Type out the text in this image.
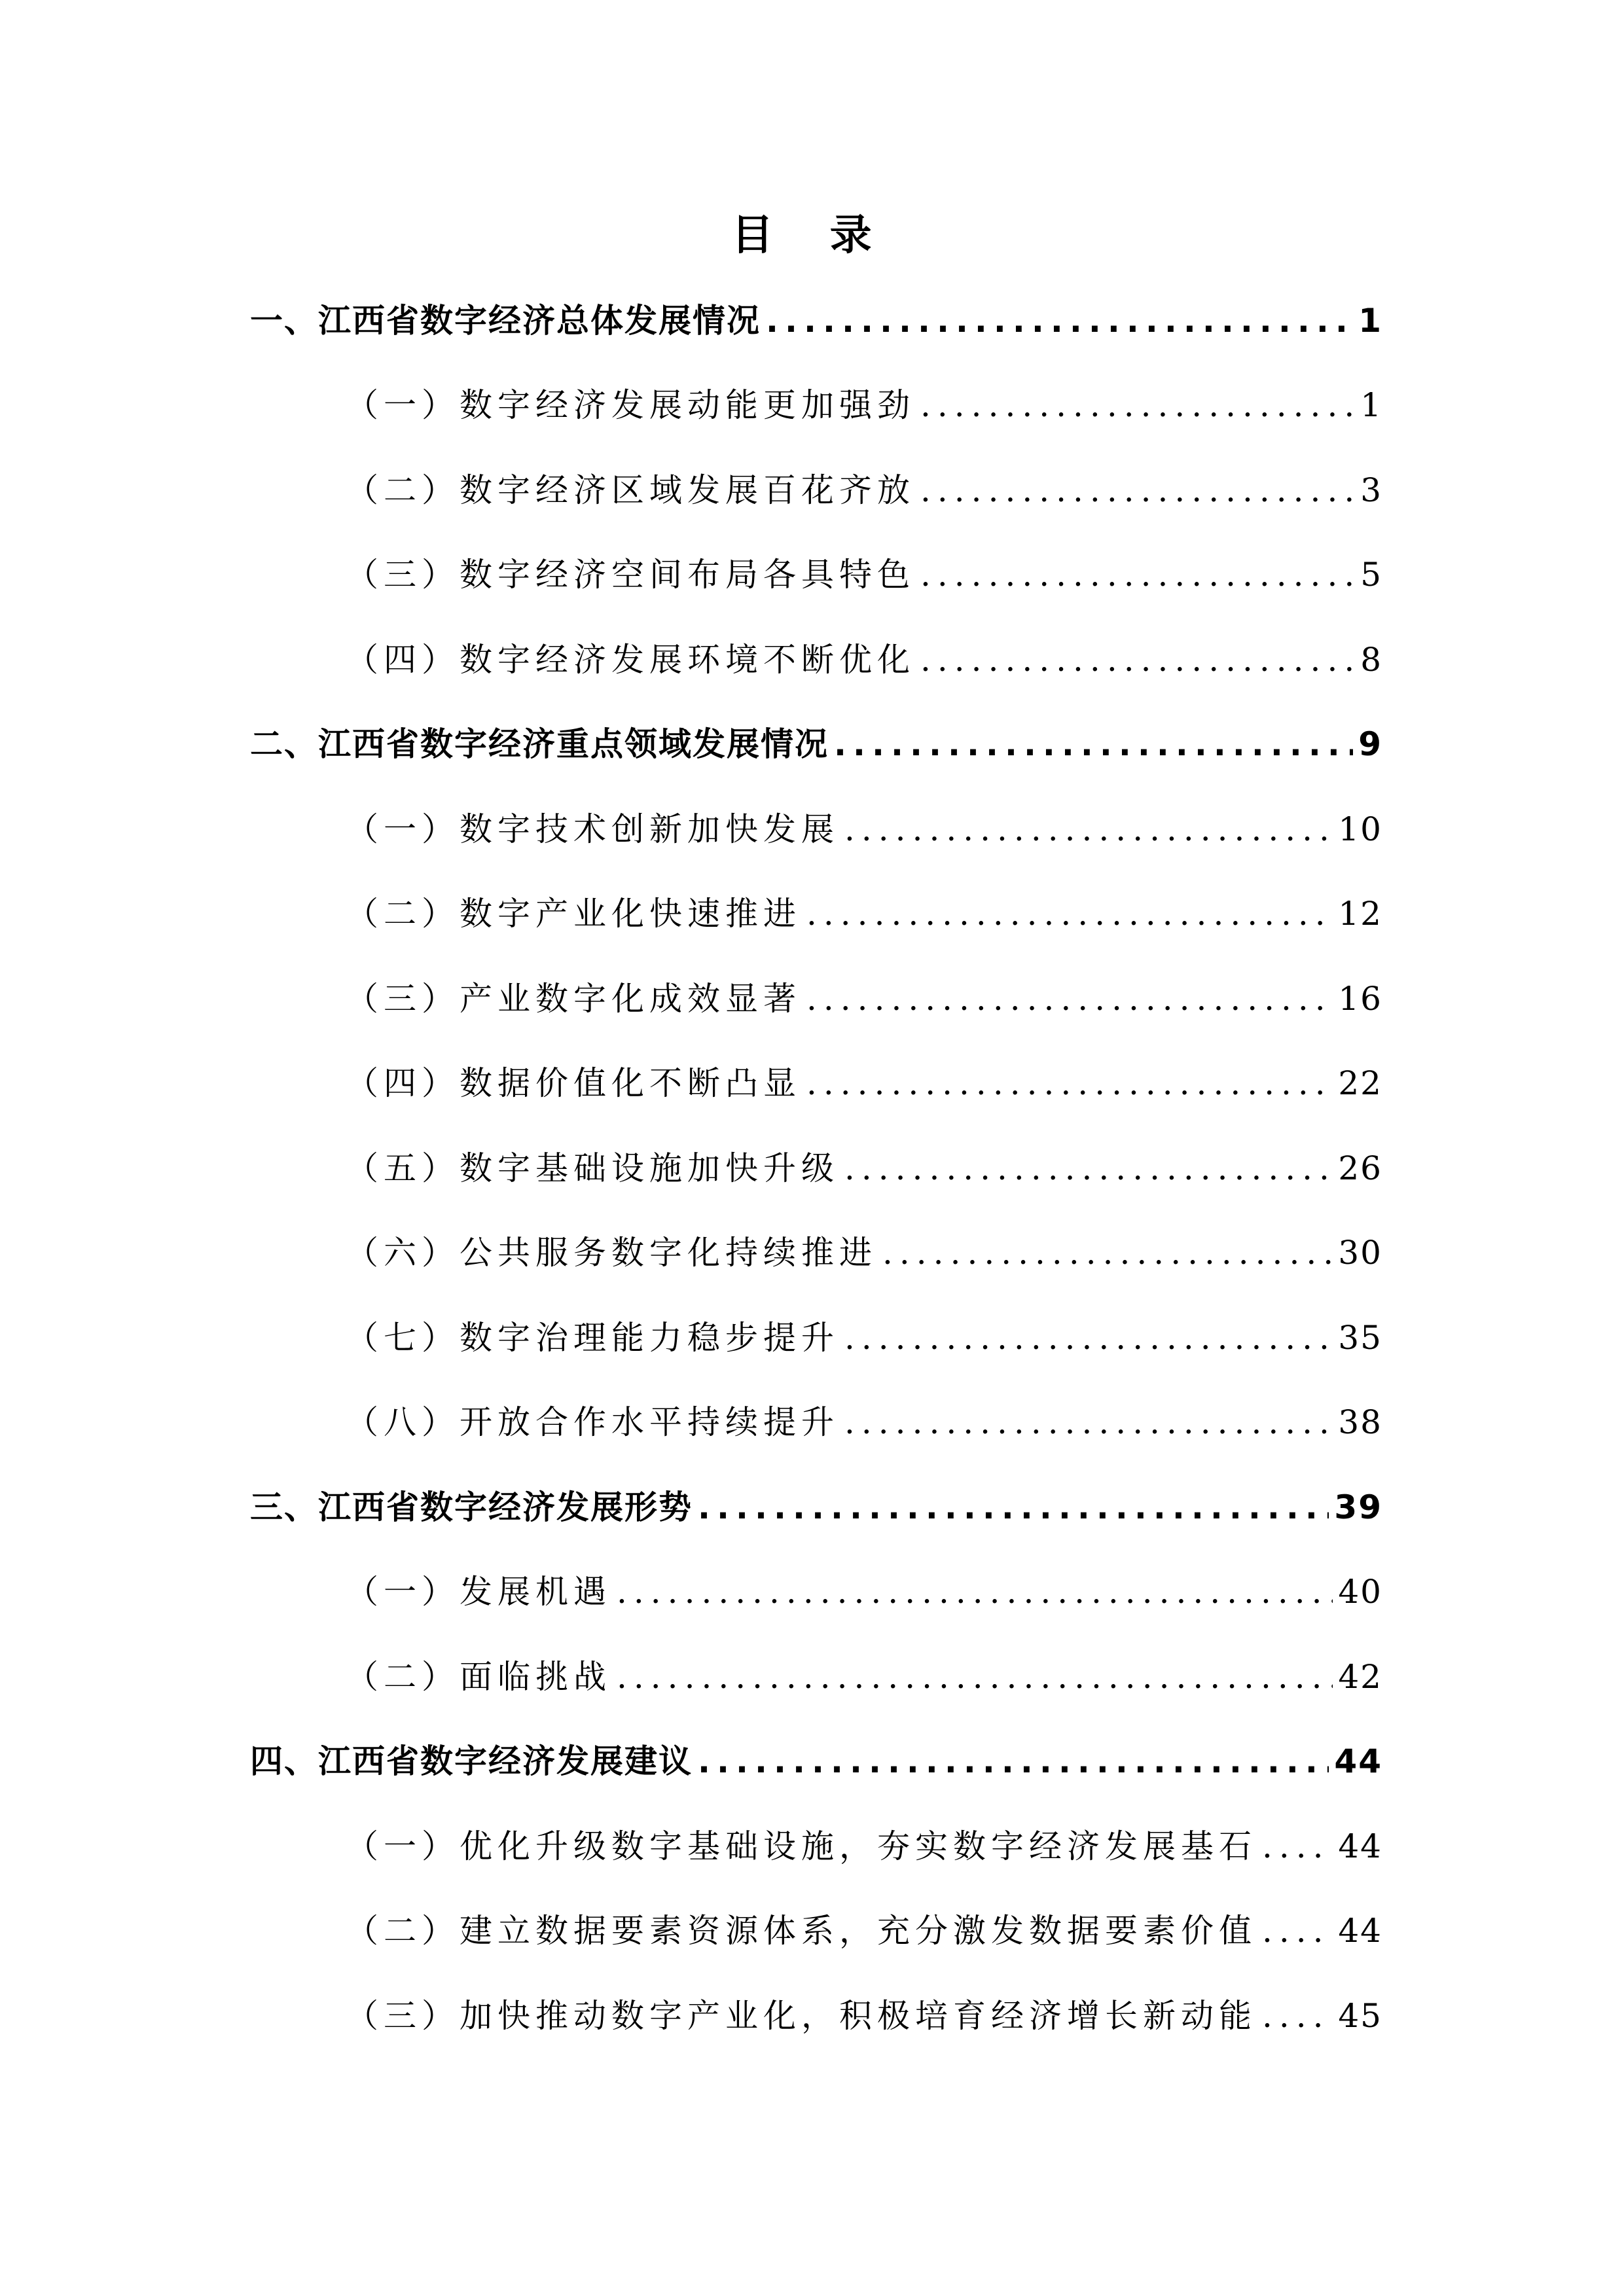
目 录
一、江西省数字经济总体发展情况 .....	1
（一）数字经济发展动能更加强劲 .....	1
（二）数字经济区域发展百花齐放 .....	3
（三）数字经济空间布局各具特色 .....	5
（四）数字经济发展环境不断优化 .....	8
二、江西省数字经济重点领域发展情况 .....	9
（一）数字技术创新加快发展 .....	10
（二）数字产业化快速推进 .....	12
（三）产业数字化成效显著 .....	16
（四）数据价值化不断凸显 .....	22
（五）数字基础设施加快升级 .....	26
（六）公共服务数字化持续推进 .....	30
（七）数字治理能力稳步提升 .....	35
（八）开放合作水平持续提升 .....	38
三、江西省数字经济发展形势 .....	39
（一）发展机遇 .....	40
（二）面临挑战 .....	42
四、江西省数字经济发展建议 .....	44
（一）优化升级数字基础设施，夯实数字经济发展基石 ..... 44
（二）建立数据要素资源体系，充分激发数据要素价值 ..... 44
（三）加快推动数字产业化，积极培育经济增长新动能 ..... 45
